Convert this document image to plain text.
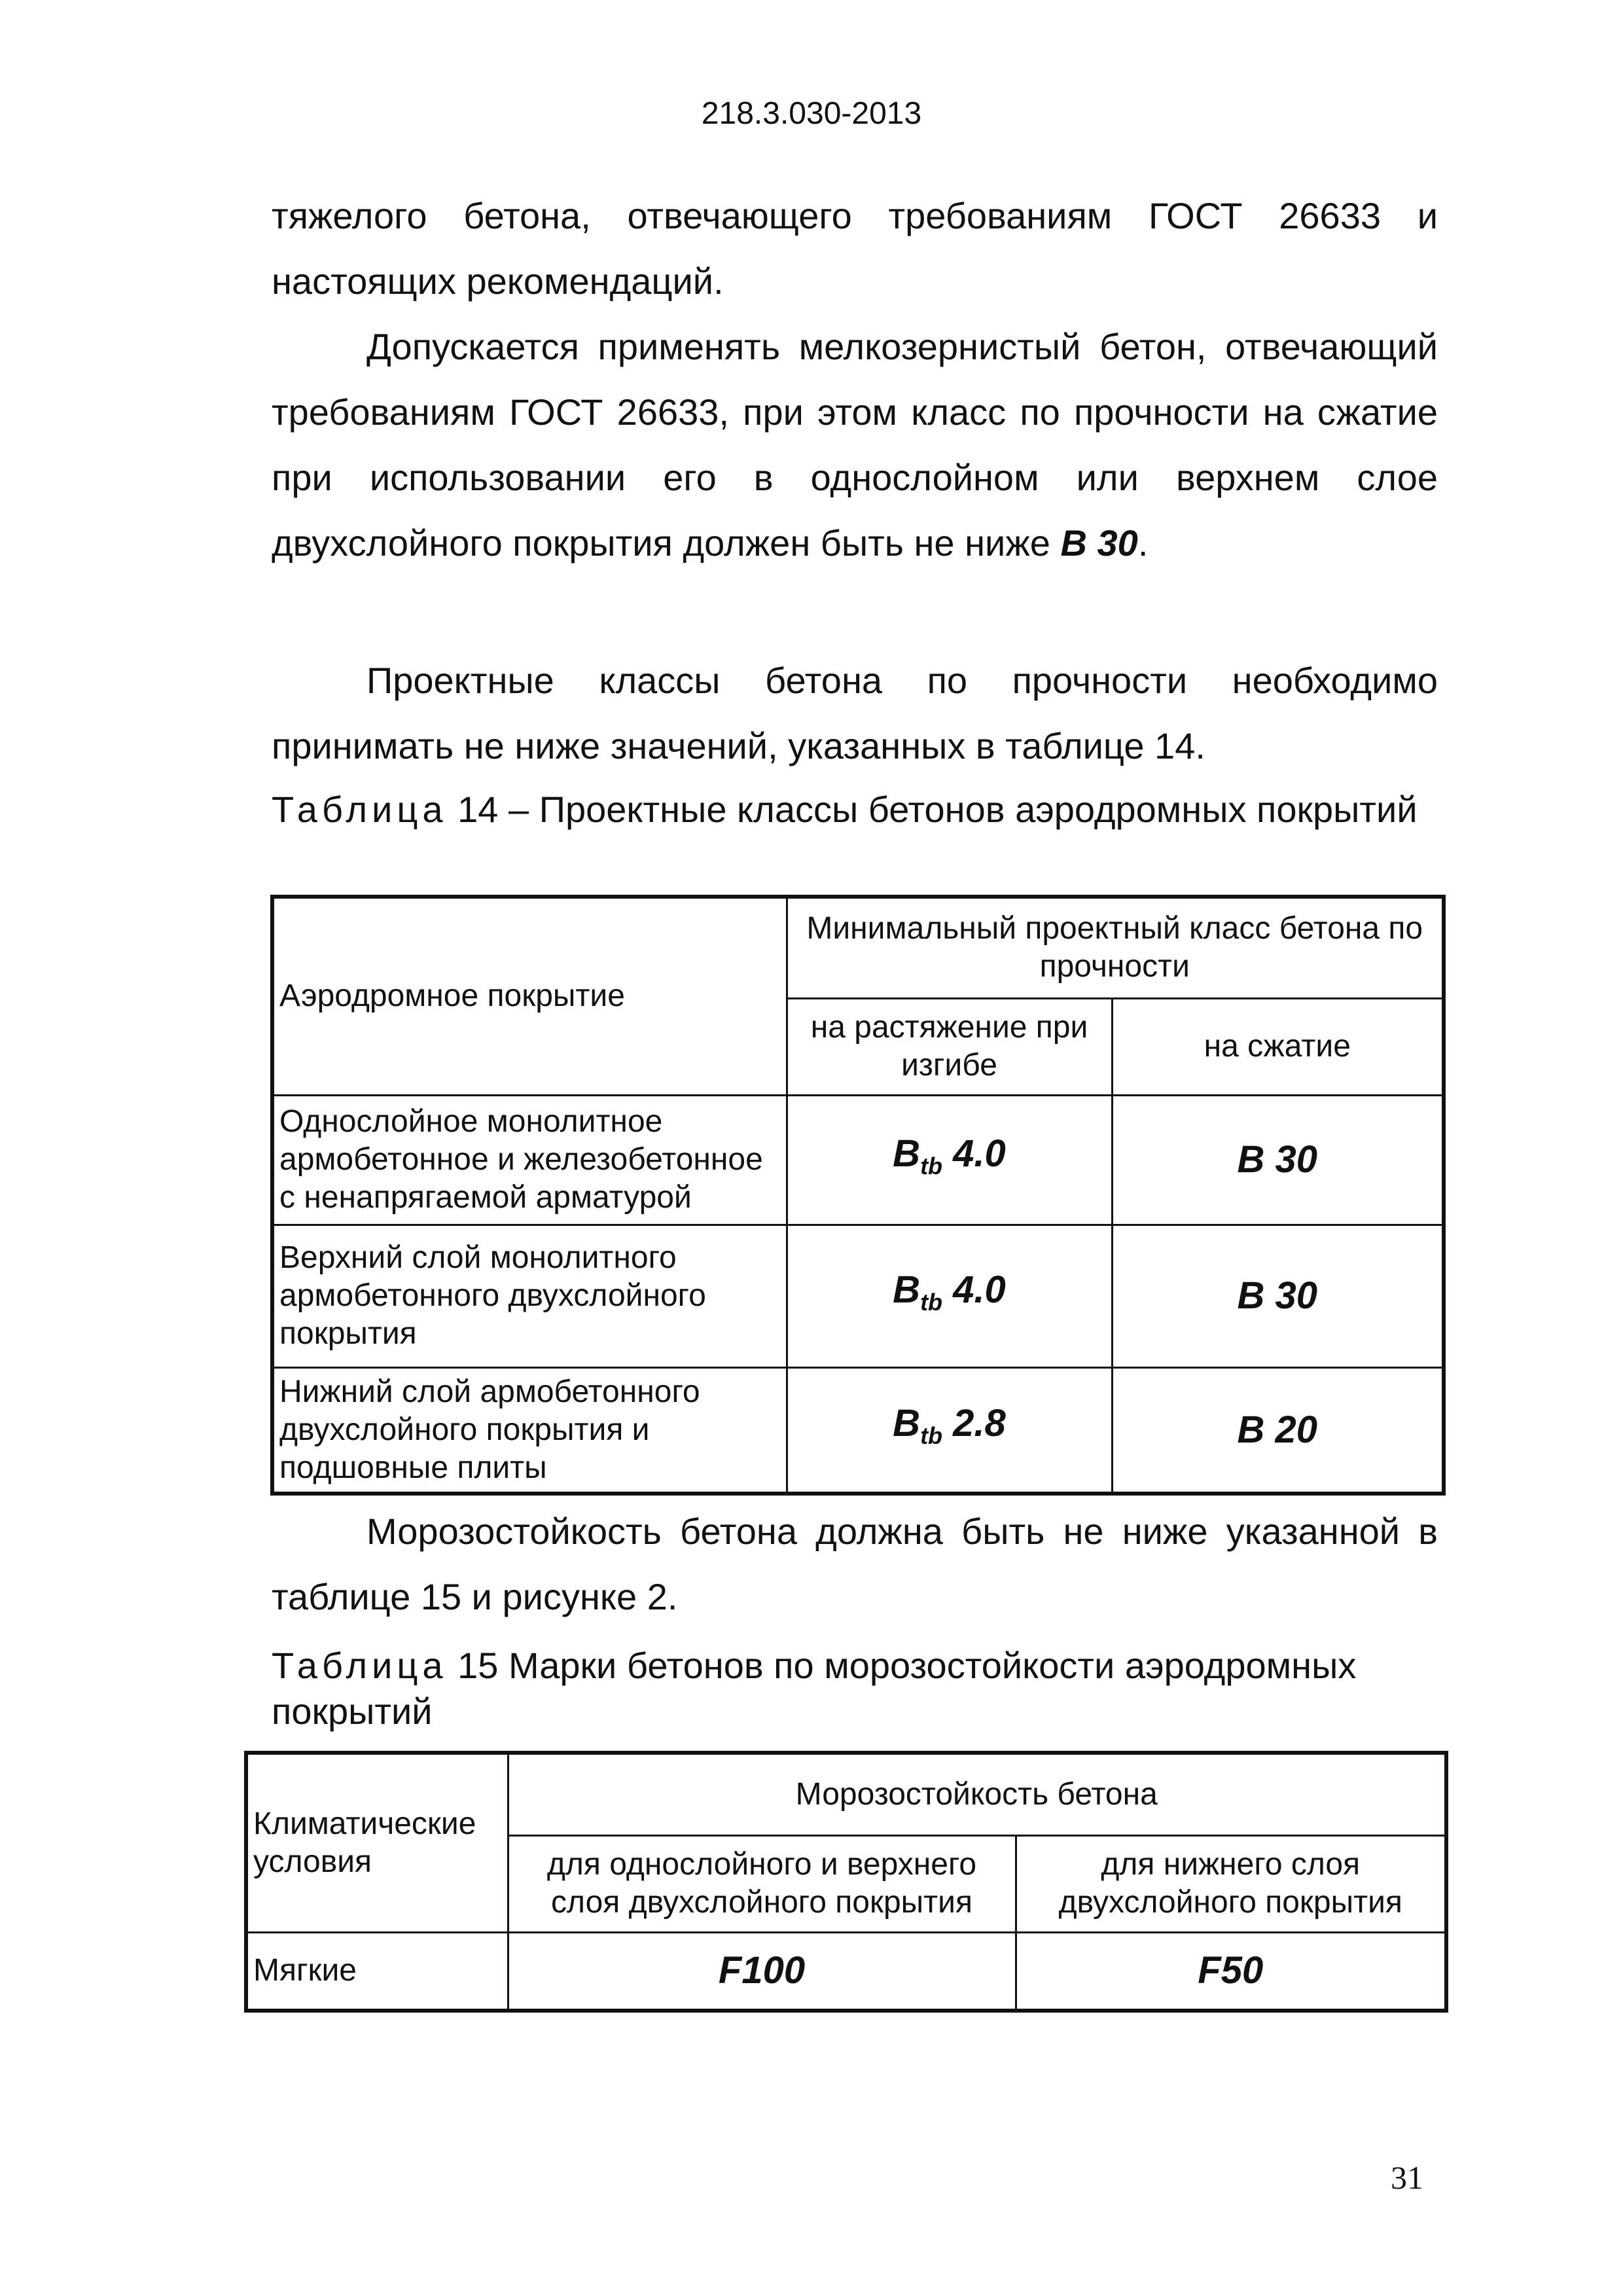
218.3.030-2013
тяжелого бетона, отвечающего требованиям ГОСТ 26633 и настоящих рекомендаций.
Допускается применять мелкозернистый бетон, отвечающий требованиям ГОСТ 26633, при этом класс по прочности на сжатие при использовании его в однослойном или верхнем слое двухслойного покрытия должен быть не ниже B 30.
Проектные классы бетона по прочности необходимо принимать не ниже значений, указанных в таблице 14.
Таблица 14 – Проектные классы бетонов аэродромных покрытий
Аэродромное покрытие	Минимальный проектный класс бетона по прочности	
	на растяжение при изгибе	на сжатие
Однослойное монолитное армобетонное и железобетонное с ненапрягаемой арматурой	$B_{tb}$ 4.0	B 30
Верхний слой монолитного армобетонного двухслойного покрытия	$B_{tb}$ 4.0	B 30
Нижний слой армобетонного двухслойного покрытия и подшовные плиты	$B_{tb}$ 2.8	B 20
Морозостойкость бетона должна быть не ниже указанной в таблице 15 и рисунке 2.
Таблица 15 Марки бетонов по морозостойкости аэродромных покрытий
Климатические условия	Морозостойкость бетона	
	для однослойного и верхнего слоя двухслойного покрытия	для нижнего слоя двухслойного покрытия
Мягкие	F100	F50
31
